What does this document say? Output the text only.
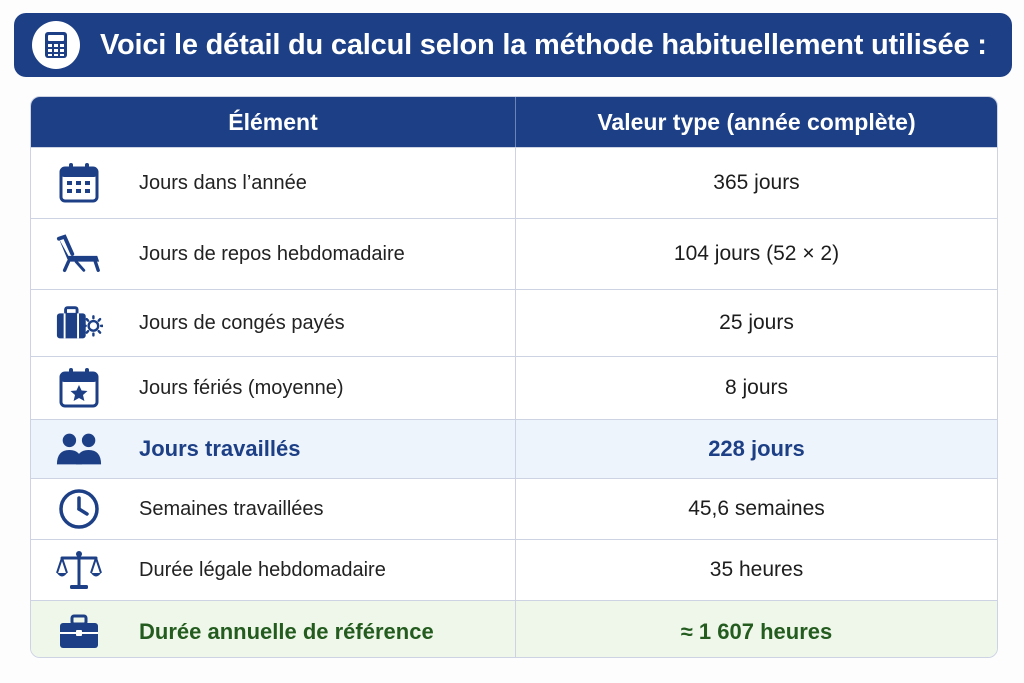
Voici le détail du calcul selon la méthode habituellement utilisée :
Élément	Valeur type (année complète)
Jours dans l’année	365 jours
Jours de repos hebdomadaire	104 jours (52 × 2)
Jours de congés payés	25 jours
Jours fériés (moyenne)	8 jours
Jours travaillés	228 jours
Semaines travaillées	45,6 semaines
Durée légale hebdomadaire	35 heures
Durée annuelle de référence	≈ 1 607 heures
